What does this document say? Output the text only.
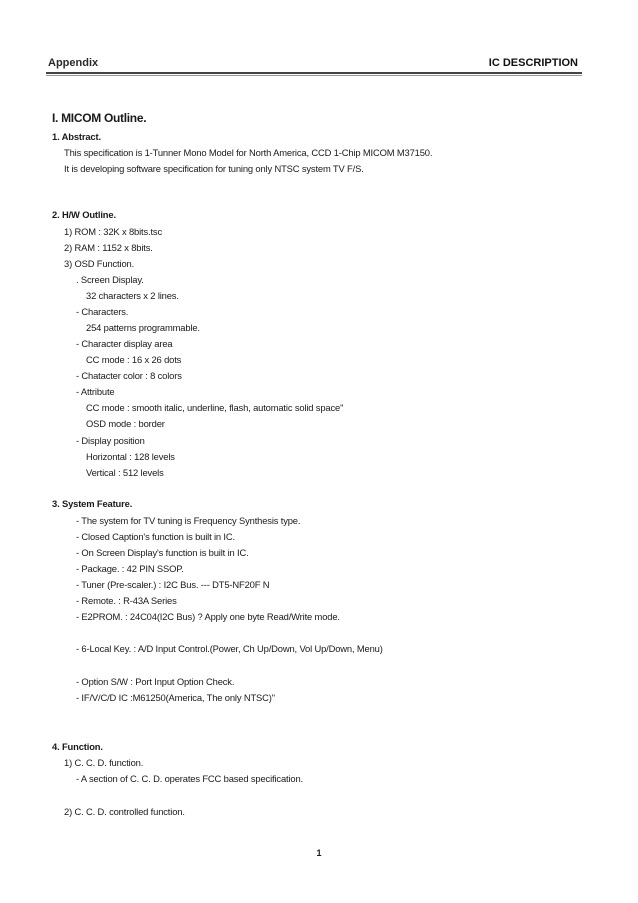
Appendix	IC DESCRIPTION
I. MICOM Outline.
1. Abstract.
This specification is 1-Tunner Mono Model for North America, CCD 1-Chip MICOM M37150.
It is developing software specification for tuning only NTSC system TV F/S.
2. H/W Outline.
1) ROM : 32K x 8bits.tsc
2) RAM : 1152 x 8bits.
3) OSD Function.
. Screen Display.
32 characters x 2 lines.
- Characters.
254 patterns programmable.
- Character display area
CC mode : 16 x 26 dots
- Chatacter color : 8 colors
- Attribute
CC mode : smooth italic, underline, flash, automatic solid space"
OSD mode : border
- Display position
Horizontal : 128 levels
Vertical : 512 levels
3. System Feature.
- The system for TV tuning is Frequency Synthesis type.
- Closed Caption's function is built in IC.
- On Screen Display's function is built in IC.
- Package. : 42 PIN SSOP.
- Tuner (Pre-scaler.) : I2C Bus. --- DT5-NF20F N
- Remote. : R-43A Series
- E2PROM. : 24C04(I2C Bus) ? Apply one byte Read/Write mode.
- 6-Local Key. : A/D Input Control.(Power, Ch Up/Down, Vol Up/Down, Menu)
- Option S/W : Port Input Option Check.
- IF/V/C/D IC :M61250(America, The only NTSC)"
4. Function.
1) C. C. D. function.
- A section of C. C. D. operates FCC based specification.
2) C. C. D. controlled function.
1
